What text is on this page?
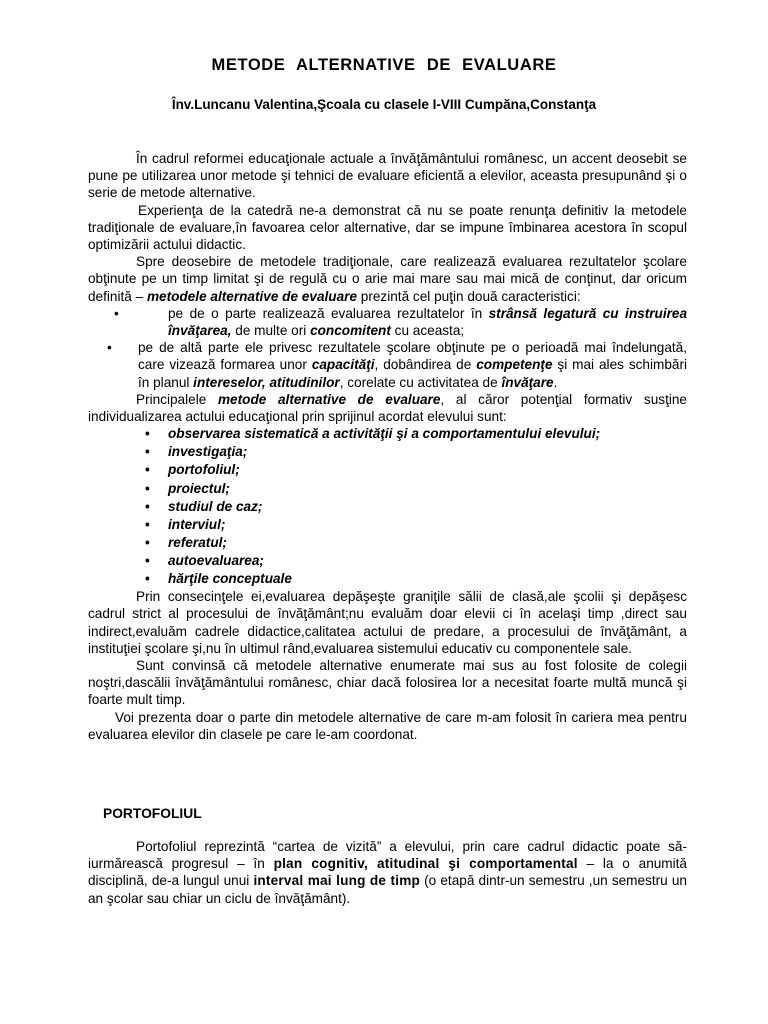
METODE ALTERNATIVE DE EVALUARE
Înv.Luncanu Valentina,Şcoala cu clasele I-VIII Cumpăna,Constanţa

În cadrul reformei educaţionale actuale a învăţământului românesc, un accent deosebit se pune pe utilizarea unor metode şi tehnici de evaluare eficientă a elevilor, aceasta presupunând şi o serie de metode alternative.

Experienţa de la catedră ne-a demonstrat că nu se poate renunţa definitiv la metodele tradiţionale de evaluare,în favoarea celor alternative, dar se impune îmbinarea acestora în scopul optimizării actului didactic.

Spre deosebire de metodele tradiţionale, care realizează evaluarea rezultatelor şcolare obţinute pe un timp limitat şi de regulă cu o arie mai mare sau mai mică de conţinut, dar oricum definită – metodele alternative de evaluare prezintă cel puţin două caracteristici:

•	pe de o parte realizează evaluarea rezultatelor în strânsă legatură cu instruirea învăţarea, de multe ori concomitent cu aceasta;

• pe de altă parte ele privesc rezultatele şcolare obţinute pe o perioadă mai îndelungată, care vizează formarea unor capacităţi, dobândirea de competenţe şi mai ales schimbări în planul intereselor, atitudinilor, corelate cu activitatea de învăţare.

Principalele metode alternative de evaluare, al căror potenţial formativ susţine individualizarea actului educaţional prin sprijinul acordat elevului sunt:

• observarea sistematică a activităţii şi a comportamentului elevului;
• investigaţia;
• portofoliul;
• proiectul;
• studiul de caz;
• interviul;
• referatul;
• autoevaluarea;
• hărţile conceptuale

Prin consecinţele ei,evaluarea depăşeşte graniţile sălii de clasă,ale şcolii şi depăşesc cadrul strict al procesului de învăţământ;nu evaluăm doar elevii ci în acelaşi timp ,direct sau indirect,evaluăm cadrele didactice,calitatea actului de predare, a procesului de învăţământ, a instituţiei şcolare şi,nu în ultimul rând,evaluarea sistemului educativ cu componentele sale.

Sunt convinsă că metodele alternative enumerate mai sus au fost folosite de colegii noştri,dascălii învăţământului românesc, chiar dacă folosirea lor a necesitat foarte multă muncă şi foarte mult timp.

Voi prezenta doar o parte din metodele alternative de care m-am folosit în cariera mea pentru evaluarea elevilor din clasele pe care le-am coordonat.

PORTOFOLIUL

Portofoliul reprezintă “cartea de vizită” a elevului, prin care cadrul didactic poate să-iurmărească progresul – în plan cognitiv, atitudinal şi comportamental – la o anumită disciplină, de-a lungul unui interval mai lung de timp (o etapă dintr-un semestru ,un semestru un an şcolar sau chiar un ciclu de învăţământ).
